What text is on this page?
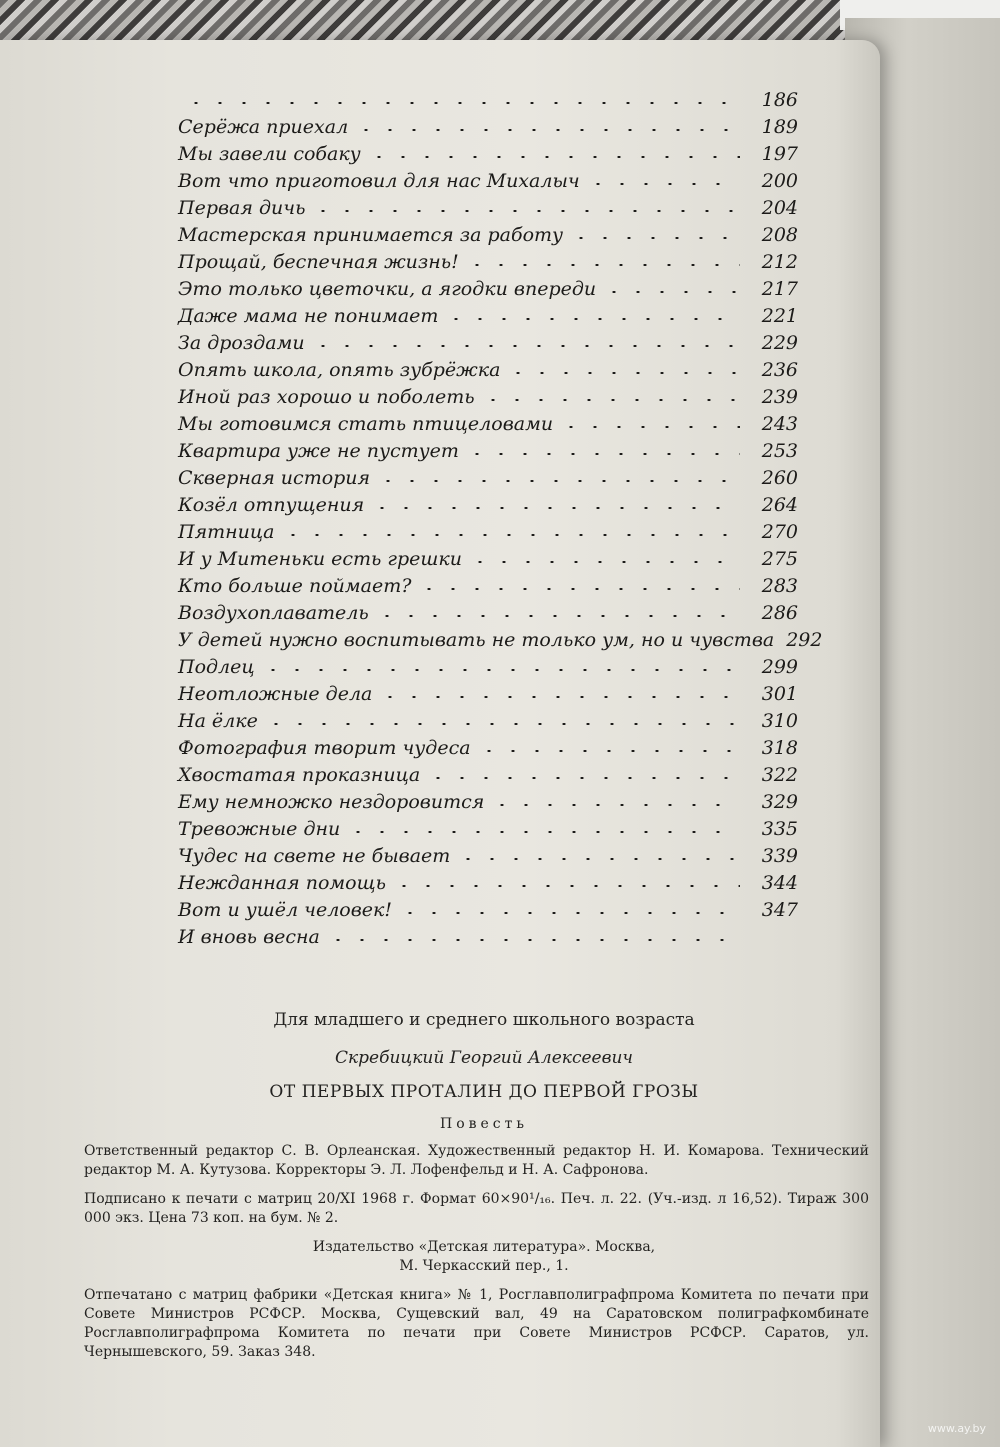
186
Серёжа приехал	189
Мы завели собаку	197
Вот что приготовил для нас Михалыч	200
Первая дичь	204
Мастерская принимается за работу	208
Прощай, беспечная жизнь!	212
Это только цветочки, а ягодки впереди	217
Даже мама не понимает	221
За дроздами	229
Опять школа, опять зубрёжка	236
Иной раз хорошо и поболеть	239
Мы готовимся стать птицеловами	243
Квартира уже не пустует	253
Скверная история	260
Козёл отпущения	264
Пятница	270
И у Митеньки есть грешки	275
Кто больше поймает?	283
Воздухоплаватель	286
У детей нужно воспитывать не только ум, но и чувства 292
Подлец	299
Неотложные дела	301
На ёлке	310
Фотография творит чудеса	318
Хвостатая проказница	322
Ему немножко нездоровится	329
Тревожные дни	335
Чудес на свете не бывает	339
Нежданная помощь	344
Вот и ушёл человек!	347
И вновь весна
Для младшего и среднего школьного возраста
Скребицкий Георгий Алексеевич
ОТ ПЕРВЫХ ПРОТАЛИН ДО ПЕРВОЙ ГРОЗЫ
Повесть
Ответственный редактор С. В. Орлеанская. Художественный редактор Н. И. Комарова. Технический редактор М. А. Кутузова. Корректоры Э. Л. Лофенфельд и Н. А. Сафронова.
Подписано к печати с матриц 20/XI 1968 г. Формат 60×90¹/₁₆. Печ. л. 22. (Уч.-изд. л 16,52). Тираж 300 000 экз. Цена 73 коп. на бум. № 2.
Издательство «Детская литература». Москва,
М. Черкасский пер., 1.
Отпечатано с матриц фабрики «Детская книга» № 1, Росглавполиграфпрома Комитета по печати при Совете Министров РСФСР. Москва, Сущевский вал, 49 на Саратовском полиграфкомбинате Росглавполиграфпрома Комитета по печати при Совете Министров РСФСР. Саратов, ул. Чернышевского, 59. Заказ 348.
www.ay.by
